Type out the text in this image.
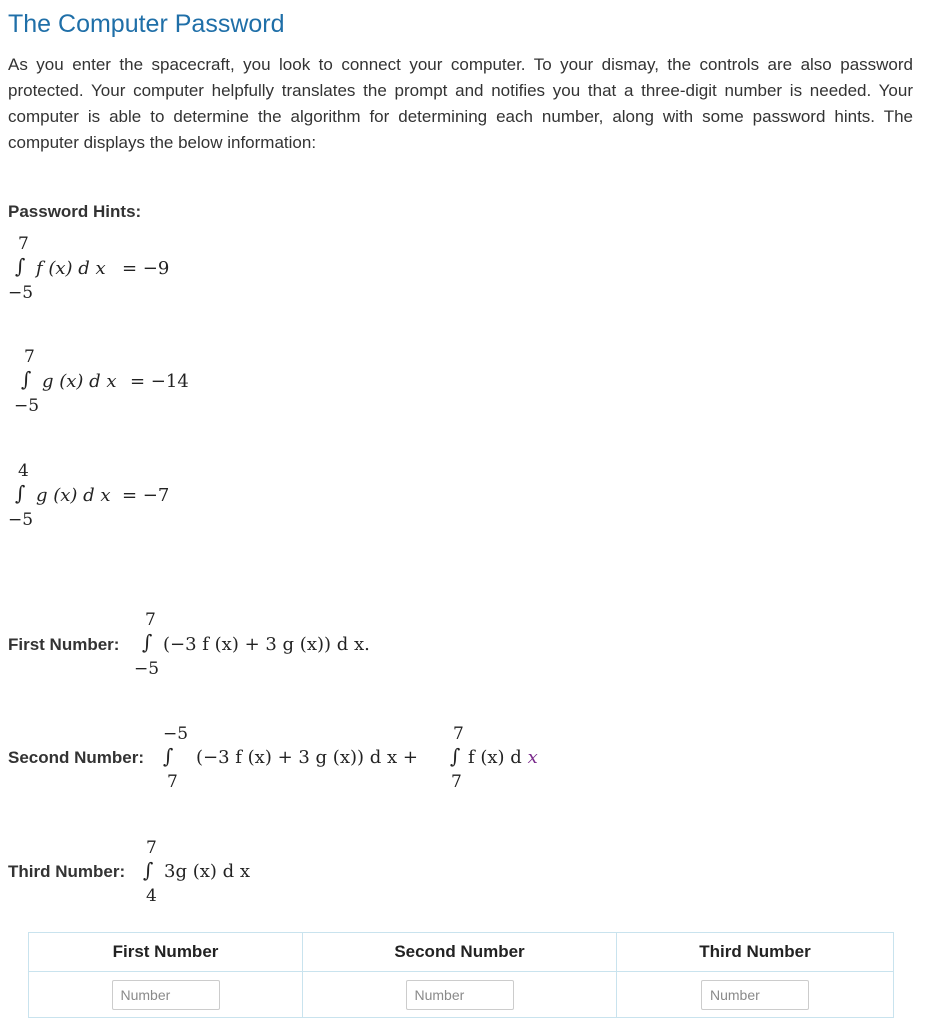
The Computer Password

As you enter the spacecraft, you look to connect your computer. To your dismay, the controls are also password protected. Your computer helpfully translates the prompt and notifies you that a three-digit number is needed. Your computer is able to determine the algorithm for determining each number, along with some password hints. The computer displays the below information:

Password Hints:
7
∫
−5
f (x) d x = −9
7
∫
−5
g (x) d x = −14
4
∫
−5
g (x) d x = −7
First Number:
7
∫
−5
(−3 f (x) + 3 g (x)) d x.
Second Number:
−5
∫
7
(−3 f (x) + 3 g (x)) d x +
7
∫
7
f (x) d x
Third Number:
7
∫
4
3g (x) d x
First Number	Second Number	Third Number
Number	Number	Number
